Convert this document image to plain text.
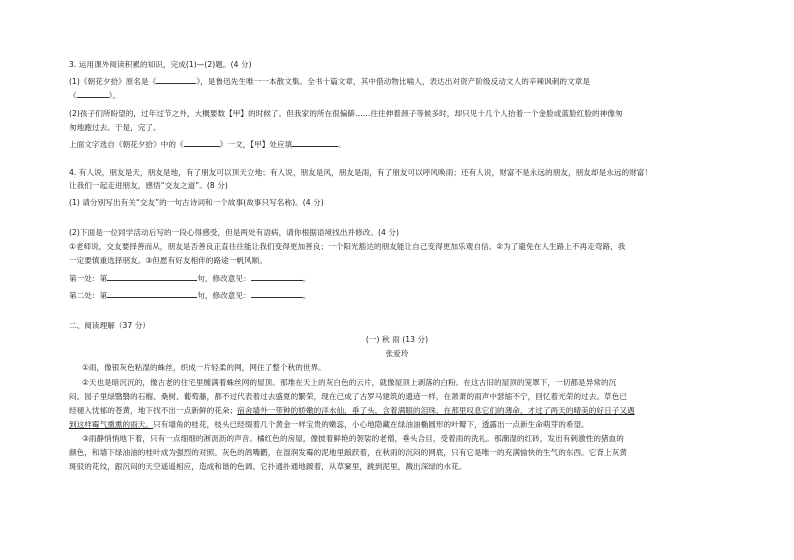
3. 运用课外阅读积累的知识，完成(1)—(2)题。(4 分)
(1)《朝花夕拾》原名是《	》，是鲁迅先生唯一一本散文集。全书十篇文章，其中借动物比喻人，表达出对资产阶级反动文人的辛辣讽刺的文章是
《	》。
(2)孩子们所盼望的，过年过节之外，大概要数【甲】的时候了。但我家的所在很偏僻……往往伸着颈子等候多时，却只见十几个人抬着一个金脸或蓝脸红脸的神像匆
匆地跑过去。于是，完了。
上面文字选自《朝花夕拾》中的《	》一文，【甲】处应填	。
4. 有人说，朋友是天，朋友是地，有了朋友可以顶天立地；有人说，朋友是风，朋友是雨，有了朋友可以呼风唤雨；还有人说，财富不是永远的朋友，朋友却是永远的财富！
让我们一起走进朋友，感悟“交友之道”。(8 分)
(1) 请分别写出有关“交友”的一句古诗词和一个故事(故事只写名称)。(4 分)
(2)下面是一位同学活动后写的一段心得感受，但是两处有语病，请你根据语境找出并修改。(4 分)
①老师说，交友要择善而从，朋友是否善良正直往往能让我们变得更加善良；一个阳光豁达的朋友能让自己变得更加乐观自信。②为了避免在人生路上不再走弯路，我
一定要慎重选择朋友。③但愿有好友相伴的路途一帆风顺。
第一处：第	句，修改意见：	。
第二处：第	句，修改意见：	。
二、阅读理解（37 分）
(一) 秋 雨 (13 分)
张爱玲
①雨，像银灰色粘湿的蛛丝，织成一片轻柔的网，网住了整个秋的世界。
②天也是暗沉沉的，像古老的住宅里缠满着蛛丝网的屋顶。那堆在天上的灰白色的云片，就像屋顶上剥落的白粉。在这古旧的屋顶的笼罩下，一切都是异常的沉
闷。园子里绿翳翳的石榴、桑树、葡萄藤，都不过代表着过去盛夏的繁荣，现在已成了古罗马建筑的遗迹一样，在萧萧的雨声中瑟缩不宁，回忆着光荣的过去。草色已
经褪入忧郁的苍黄，地下找不出一点新鲜的花朵；宿舍墙外一带种的娇嫩的洋水仙，垂了头，含着满眼的泪珠，在那里叹息它们的薄命，才过了两天的晴美的好日子又遇
到这样霉气熏熏的雨天。只有墙角的桂花，枝头已经缀着几个黄金一样宝贵的嫩蕊，小心地隐藏在绿油油椭圆形的叶瓣下，透露出一点新生命萌芽的希望。
③雨静悄悄地下着，只有一点细细的淅沥沥的声音。橘红色的房屋，像披着鲜艳的袈裟的老僧，垂头合目，受着雨的洗礼。那潮湿的红砖，发出有刺激性的猪血的
颜色，和墙下绿油油的桂叶成为强烈的对照。灰色的鸽嘴鹳，在湿润发霉的泥地里踉跃着，在秋雨的沉闷的网底，只有它是唯一的充满愉快的生气的东西。它背上灰黄
斑驳的花纹，跟沉闷的天空遥遥相应，造成和谐的色调。它扑通扑通地踱着，从草窠里，跳到泥里，溅出深绿的水花。
